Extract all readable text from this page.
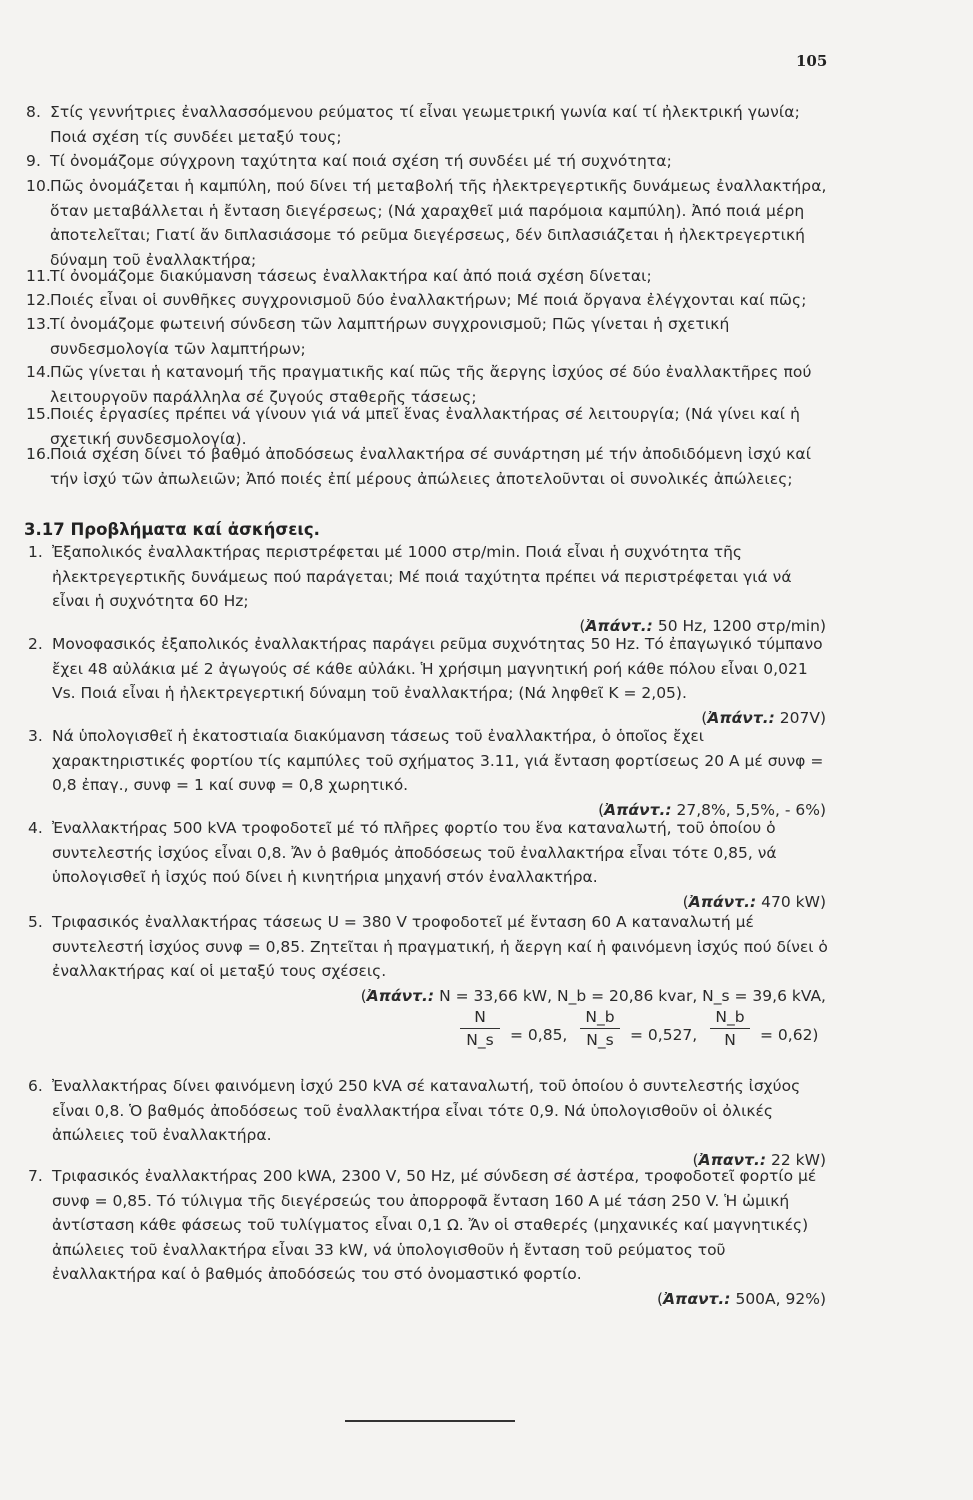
105
8. Στίς γεννήτριες ἐναλλασσόμενου ρεύματος τί εἶναι γεωμετρική γωνία καί τί ἠλεκτρική γωνία; Ποιά σχέση τίς συνδέει μεταξύ τους;
9. Τί ὀνομάζομε σύγχρονη ταχύτητα καί ποιά σχέση τή συνδέει μέ τή συχνότητα;
10. Πῶς ὀνομάζεται ἡ καμπύλη, πού δίνει τή μεταβολή τῆς ἠλεκτρεγερτικῆς δυνάμεως ἐναλλακτήρα, ὅταν μεταβάλλεται ἡ ἔνταση διεγέρσεως; (Νά χαραχθεῖ μιά παρόμοια καμπύλη). Ἀπό ποιά μέρη ἀποτελεῖται; Γιατί ἄν διπλασιάσομε τό ρεῦμα διεγέρσεως, δέν διπλασιάζεται ἡ ἠλεκτρεγερτική δύναμη τοῦ ἐναλλακτήρα;
11. Τί ὀνομάζομε διακύμανση τάσεως ἐναλλακτήρα καί ἀπό ποιά σχέση δίνεται;
12. Ποιές εἶναι οἱ συνθῆκες συγχρονισμοῦ δύο ἐναλλακτήρων; Μέ ποιά ὄργανα ἐλέγχονται καί πῶς;
13. Τί ὀνομάζομε φωτεινή σύνδεση τῶν λαμπτήρων συγχρονισμοῦ; Πῶς γίνεται ἡ σχετική συνδεσμολογία τῶν λαμπτήρων;
14. Πῶς γίνεται ἡ κατανομή τῆς πραγματικῆς καί πῶς τῆς ἄεργης ἰσχύος σέ δύο ἐναλλακτῆρες πού λειτουργοῦν παράλληλα σέ ζυγούς σταθερῆς τάσεως;
15. Ποιές ἐργασίες πρέπει νά γίνουν γιά νά μπεῖ ἕνας ἐναλλακτήρας σέ λειτουργία; (Νά γίνει καί ἡ σχετική συνδεσμολογία).
16. Ποιά σχέση δίνει τό βαθμό ἀποδόσεως ἐναλλακτήρα σέ συνάρτηση μέ τήν ἀποδιδόμενη ἰσχύ καί τήν ἰσχύ τῶν ἀπωλειῶν; Ἀπό ποιές ἐπί μέρους ἀπώλειες ἀποτελοῦνται οἱ συνολικές ἀπώλειες;
3.17 Προβλήματα καί ἀσκήσεις.
1. Ἐξαπολικός ἐναλλακτήρας περιστρέφεται μέ 1000 στρ/min. Ποιά εἶναι ἡ συχνότητα τῆς ἠλεκτρεγερτικῆς δυνάμεως πού παράγεται; Μέ ποιά ταχύτητα πρέπει νά περιστρέφεται γιά νά εἶναι ἡ συχνότητα 60 Hz;
(Ἀπάντ.: 50 Hz, 1200 στρ/min)
2. Μονοφασικός ἐξαπολικός ἐναλλακτήρας παράγει ρεῦμα συχνότητας 50 Hz. Τό ἐπαγωγικό τύμπανο ἔχει 48 αὐλάκια μέ 2 ἀγωγούς σέ κάθε αὐλάκι. Ἡ χρήσιμη μαγνητική ροή κάθε πόλου εἶναι 0,021 Vs. Ποιά εἶναι ἡ ἠλεκτρεγερτική δύναμη τοῦ ἐναλλακτήρα; (Νά ληφθεῖ Κ = 2,05).
(Ἀπάντ.: 207V)
3. Νά ὑπολογισθεῖ ἡ ἑκατοστιαία διακύμανση τάσεως τοῦ ἐναλλακτήρα, ὁ ὁποῖος ἔχει χαρακτηριστικές φορτίου τίς καμπύλες τοῦ σχήματος 3.11, γιά ἔνταση φορτίσεως 20 Α μέ συνφ = 0,8 ἐπαγ., συνφ = 1 καί συνφ = 0,8 χωρητικό.
(Ἀπάντ.: 27,8%, 5,5%, - 6%)
4. Ἐναλλακτήρας 500 kVA τροφοδοτεῖ μέ τό πλῆρες φορτίο του ἕνα καταναλωτή, τοῦ ὁποίου ὁ συντελεστής ἰσχύος εἶναι 0,8. Ἄν ὁ βαθμός ἀποδόσεως τοῦ ἐναλλακτήρα εἶναι τότε 0,85, νά ὑπολογισθεῖ ἡ ἰσχύς πού δίνει ἡ κινητήρια μηχανή στόν ἐναλλακτήρα.
(Ἀπάντ.: 470 kW)
5. Τριφασικός ἐναλλακτήρας τάσεως U = 380 V τροφοδοτεῖ μέ ἔνταση 60 Α καταναλωτή μέ συντελεστή ἰσχύος συνφ = 0,85. Ζητεῖται ἡ πραγματική, ἡ ἄεργη καί ἡ φαινόμενη ἰσχύς πού δίνει ὁ ἐναλλακτήρας καί οἱ μεταξύ τους σχέσεις.
(Ἀπάντ.: N = 33,66 kW, N_b = 20,86 kvar, N_s = 39,6 kVA,
N
N_s	= 0,85,
N_b
N_s	= 0,527,
N_b
N	= 0,62)
6. Ἐναλλακτήρας δίνει φαινόμενη ἰσχύ 250 kVA σέ καταναλωτή, τοῦ ὁποίου ὁ συντελεστής ἰσχύος εἶναι 0,8. Ὁ βαθμός ἀποδόσεως τοῦ ἐναλλακτήρα εἶναι τότε 0,9. Νά ὑπολογισθοῦν οἱ ὀλικές ἀπώλειες τοῦ ἐναλλακτήρα.
(Ἀπαντ.: 22 kW)
7. Τριφασικός ἐναλλακτήρας 200 kWA, 2300 V, 50 Hz, μέ σύνδεση σέ ἀστέρα, τροφοδοτεῖ φορτίο μέ συνφ = 0,85. Τό τύλιγμα τῆς διεγέρσεώς του ἀπορροφᾶ ἔνταση 160 Α μέ τάση 250 V. Ἡ ὠμική ἀντίσταση κάθε φάσεως τοῦ τυλίγματος εἶναι 0,1 Ω. Ἄν οἱ σταθερές (μηχανικές καί μαγνητικές) ἀπώλειες τοῦ ἐναλλακτήρα εἶναι 33 kW, νά ὑπολογισθοῦν ἡ ἔνταση τοῦ ρεύματος τοῦ ἐναλλακτήρα καί ὁ βαθμός ἀποδόσεώς του στό ὀνομαστικό φορτίο.
(Ἀπαντ.: 500Α, 92%)
